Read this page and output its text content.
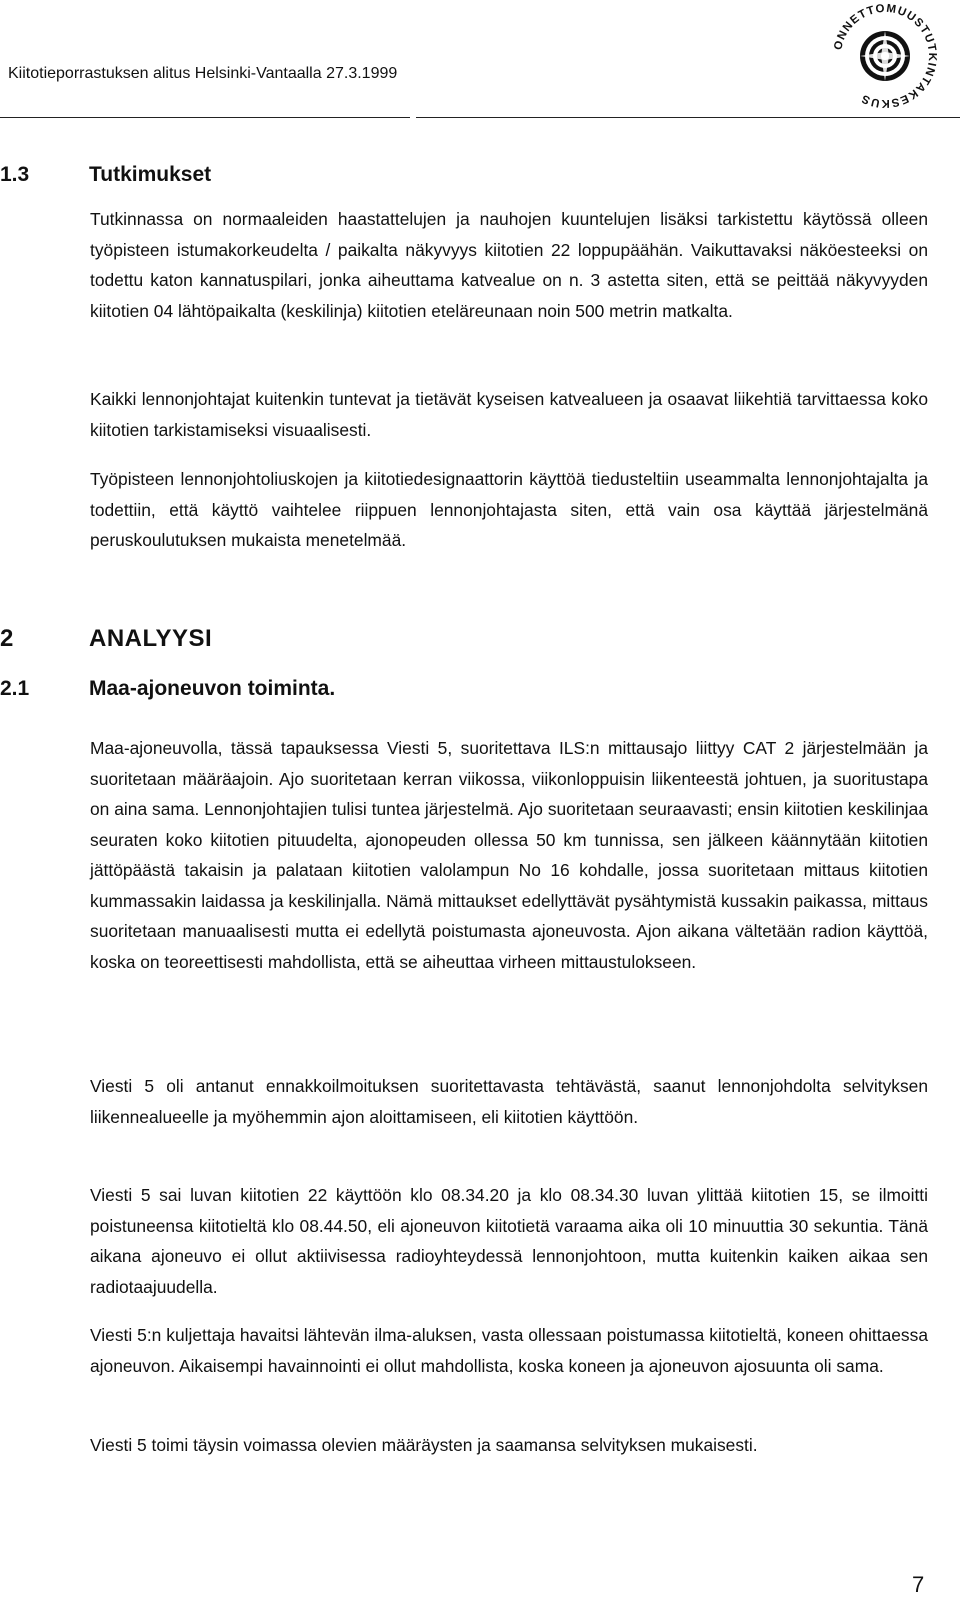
Kiitotieporrastuksen alitus Helsinki-Vantaalla 27.3.1999
ONNETTOMUUSTUTKINTAKESKUS
1.3	Tutkimukset
Tutkinnassa on normaaleiden haastattelujen ja nauhojen kuuntelujen lisäksi tarkistettu käytössä olleen työpisteen istumakorkeudelta / paikalta näkyvyys kiitotien 22 loppupäähän. Vaikuttavaksi näköesteeksi on todettu katon kannatuspilari, jonka aiheuttama katvealue on n. 3 astetta siten, että se peittää näkyvyyden kiitotien 04 lähtöpaikalta (keskilinja) kiitotien eteläreunaan noin 500 metrin matkalta.
Kaikki lennonjohtajat kuitenkin tuntevat ja tietävät kyseisen katvealueen ja osaavat liikehtiä tarvittaessa koko kiitotien tarkistamiseksi visuaalisesti.
Työpisteen lennonjohtoliuskojen ja kiitotiedesignaattorin käyttöä tiedusteltiin useammalta lennonjohtajalta ja todettiin, että käyttö vaihtelee riippuen lennonjohtajasta siten, että vain osa käyttää järjestelmänä peruskoulutuksen mukaista menetelmää.
2	ANALYYSI
2.1	Maa-ajoneuvon toiminta.
Maa-ajoneuvolla, tässä tapauksessa Viesti 5, suoritettava ILS:n mittausajo liittyy CAT 2 järjestelmään ja suoritetaan määräajoin. Ajo suoritetaan kerran viikossa, viikonloppuisin liikenteestä johtuen, ja suoritustapa on aina sama. Lennonjohtajien tulisi tuntea järjestelmä. Ajo suoritetaan seuraavasti; ensin kiitotien keskilinjaa seuraten koko kiitotien pituudelta, ajonopeuden ollessa 50 km tunnissa, sen jälkeen käännytään kiitotien jättöpäästä takaisin ja palataan kiitotien valolampun No 16 kohdalle, jossa suoritetaan mittaus kiitotien kummassakin laidassa ja keskilinjalla. Nämä mittaukset edellyttävät pysähtymistä kussakin paikassa, mittaus suoritetaan manuaalisesti mutta ei edellytä poistumasta ajoneuvosta. Ajon aikana vältetään radion käyttöä, koska on teoreettisesti mahdollista, että se aiheuttaa virheen mittaustulokseen.
Viesti 5 oli antanut ennakkoilmoituksen suoritettavasta tehtävästä, saanut lennonjohdolta selvityksen liikennealueelle ja myöhemmin ajon aloittamiseen, eli kiitotien käyttöön.
Viesti 5 sai luvan kiitotien 22 käyttöön klo 08.34.20 ja klo 08.34.30 luvan ylittää kiitotien 15, se ilmoitti poistuneensa kiitotieltä klo 08.44.50, eli ajoneuvon kiitotietä varaama aika oli 10 minuuttia 30 sekuntia. Tänä aikana ajoneuvo ei ollut aktiivisessa radioyhteydessä lennonjohtoon, mutta kuitenkin kaiken aikaa sen radiotaajuudella.
Viesti 5:n kuljettaja havaitsi lähtevän ilma-aluksen, vasta ollessaan poistumassa kiitotieltä, koneen ohittaessa ajoneuvon. Aikaisempi havainnointi ei ollut mahdollista, koska koneen ja ajoneuvon ajosuunta oli sama.
Viesti 5 toimi täysin voimassa olevien määräysten ja saamansa selvityksen mukaisesti.
7
